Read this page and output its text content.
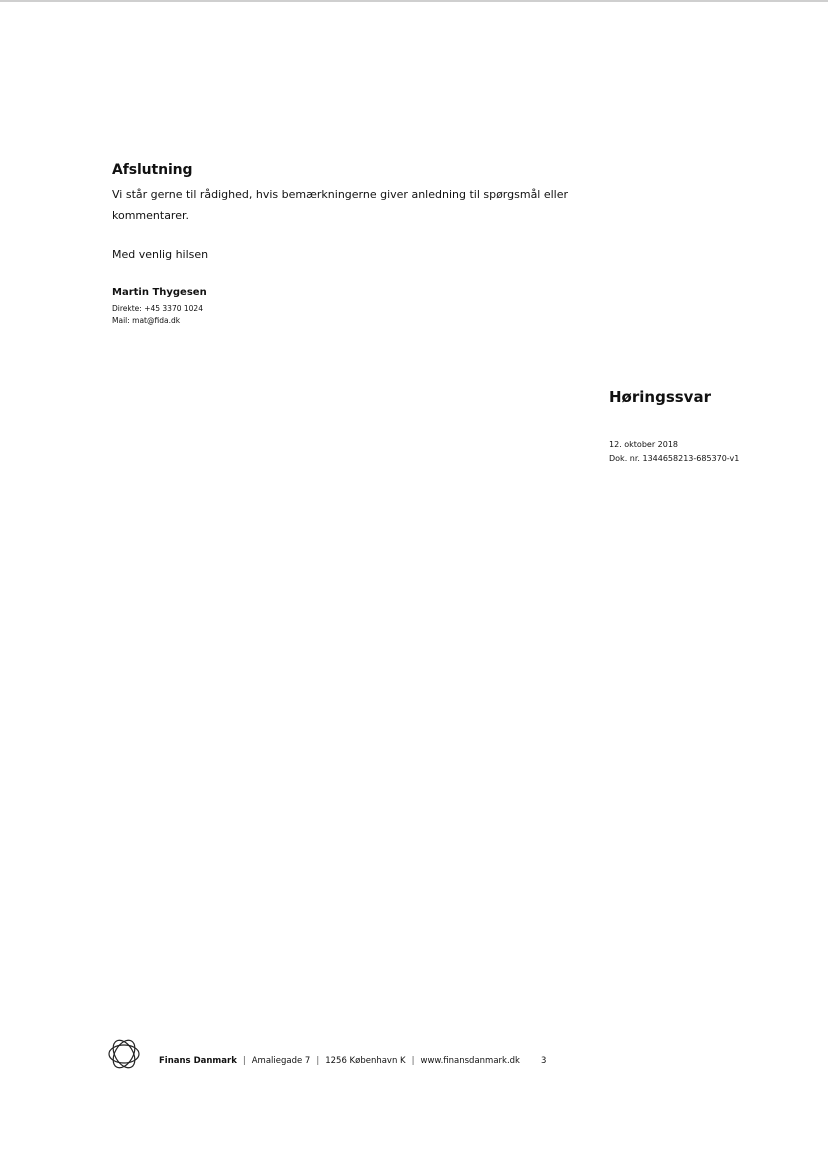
Afslutning

Vi står gerne til rådighed, hvis bemærkningerne giver anledning til spørgsmål eller kommentarer.

Med venlig hilsen

Martin Thygesen

Direkte: +45 3370 1024

Mail: mat@fida.dk

Høringssvar

12. oktober 2018

Dok. nr. 1344658213-685370-v1

Finans Danmark | Amaliegade 7 | 1256 København K | www.finansdanmark.dk 3
